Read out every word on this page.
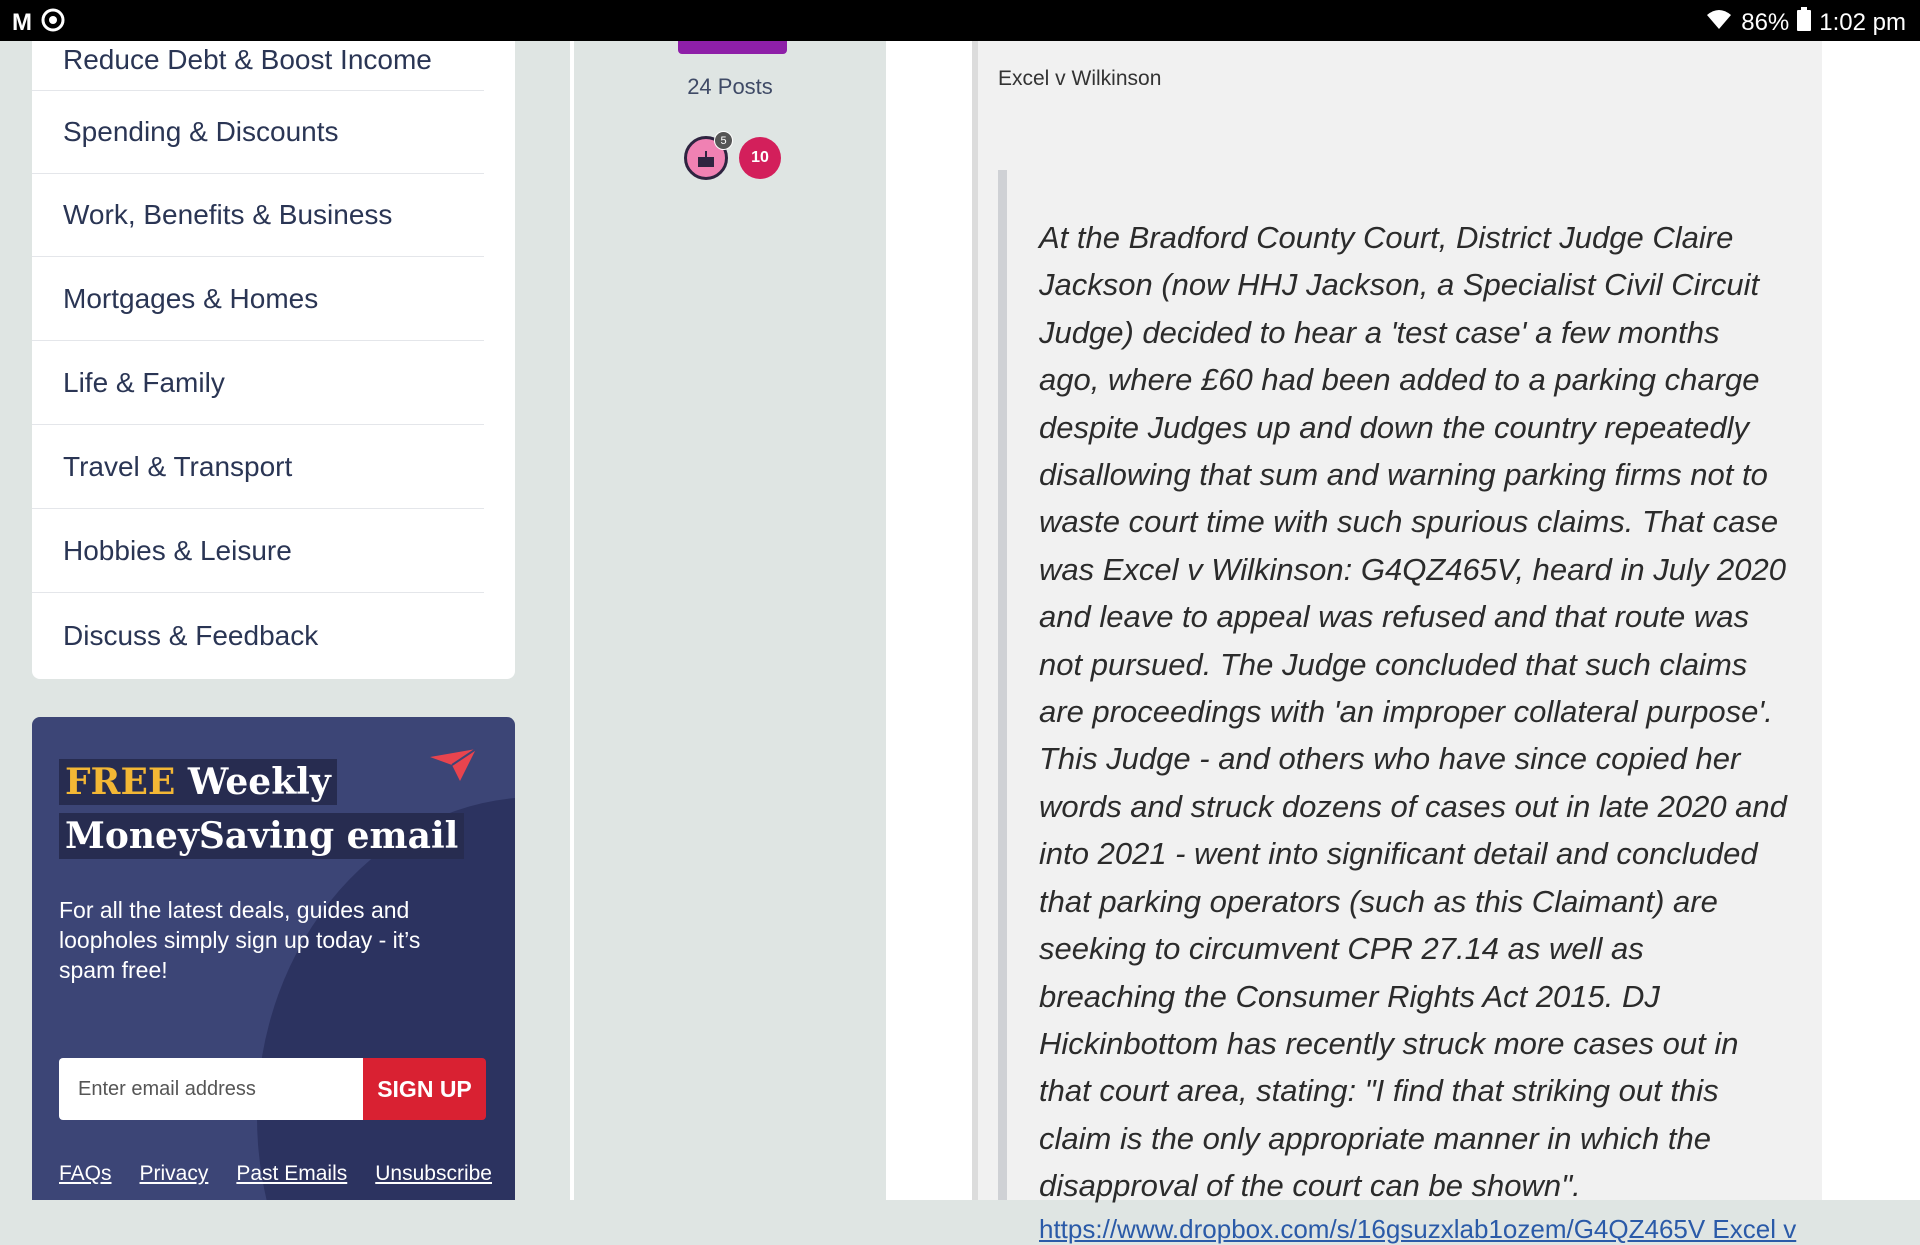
M	86% 1:02 pm
Reduce Debt & Boost Income
Spending & Discounts
Work, Benefits & Business
Mortgages & Homes
Life & Family
Travel & Transport
Hobbies & Leisure
Discuss & Feedback
FREE Weekly
MoneySaving email
For all the latest deals, guides and loopholes simply sign up today - it’s spam free!
Enter email address	SIGN UP
FAQs Privacy Past Emails Unsubscribe
24 Posts
5
10
Excel v Wilkinson

At the Bradford County Court, District Judge Claire Jackson (now HHJ Jackson, a Specialist Civil Circuit Judge) decided to hear a 'test case' a few months ago, where £60 had been added to a parking charge despite Judges up and down the country repeatedly disallowing that sum and warning parking firms not to waste court time with such spurious claims. That case was Excel v Wilkinson: G4QZ465V, heard in July 2020 and leave to appeal was refused and that route was not pursued. The Judge concluded that such claims are proceedings with 'an improper collateral purpose'. This Judge - and others who have since copied her words and struck dozens of cases out in late 2020 and into 2021 - went into significant detail and concluded that parking operators (such as this Claimant) are seeking to circumvent CPR 27.14 as well as breaching the Consumer Rights Act 2015. DJ Hickinbottom has recently struck more cases out in that court area, stating: "I find that striking out this claim is the only appropriate manner in which the disapproval of the court can be shown".

https://www.dropbox.com/s/16gsuzxlab1ozem/G4QZ465V Excel v
